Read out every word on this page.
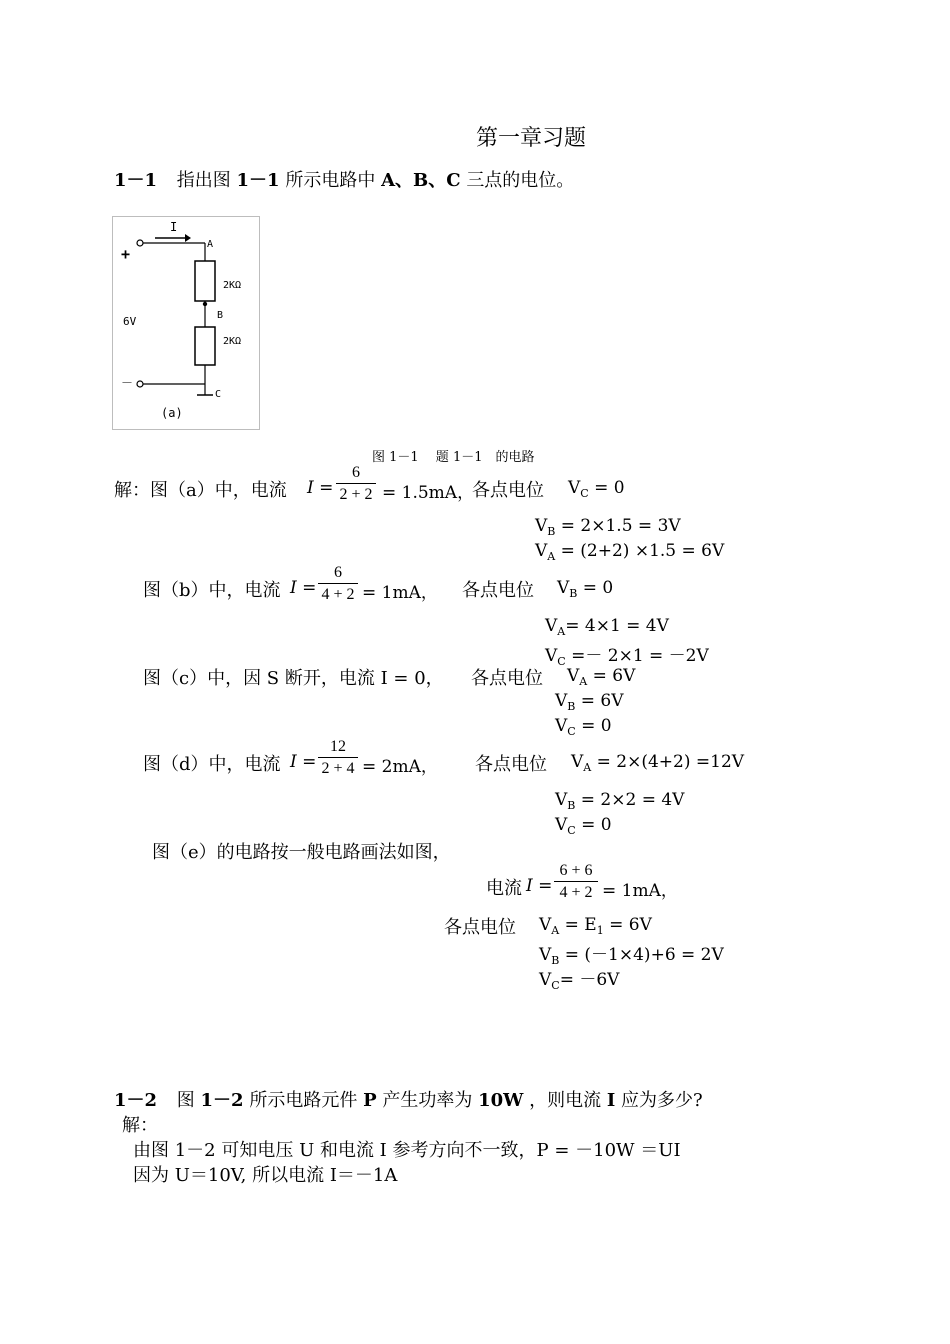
第一章习题
1－1 指出图 1－1 所示电路中 A、B、C 三点的电位。
I
A
B
C
2KΩ
2KΩ
6V
+
－
(a)
图 1－1　 题 1－1　的电路
解：图（a）中，电流 I =
6
2 + 2 = 1.5mA，
各点电位 $V_C = 0$
$V_B = 2\times 1.5 = 3V$
$V_A = (2+2) \times 1.5 = 6V$
图（b）中，电流 I =
6
4 + 2 = 1mA， 各点电位 $V_B = 0$
$V_A= 4\times 1 = 4V$
$V_C =- 2\times 1 = -2V$
图（c）中，因 S 断开，电流 I = 0， 各点电位 $V_A = 6V$
$V_B = 6V$
$V_C = 0$
图（d）中，电流 I =
12
2 + 4 = 2mA， 各点电位 $V_A = 2\times(4+2) =12V$
$V_B = 2\times 2 = 4V$
$V_C = 0$
图（e）的电路按一般电路画法如图，
电流 I =
6 + 6
4 + 2 = 1mA，
各点电位 $V_A = E_1 = 6V$
$V_B = (-1\times 4)+6 = 2V$
$V_C= -6V$
1－2 图 1－2 所示电路元件 P 产生功率为 10W ，则电流 I 应为多少?
解：
由图 1－2 可知电压 U 和电流 I 参考方向不一致，P = －10W ＝UI
因为 U＝10V, 所以电流 I＝－1A
